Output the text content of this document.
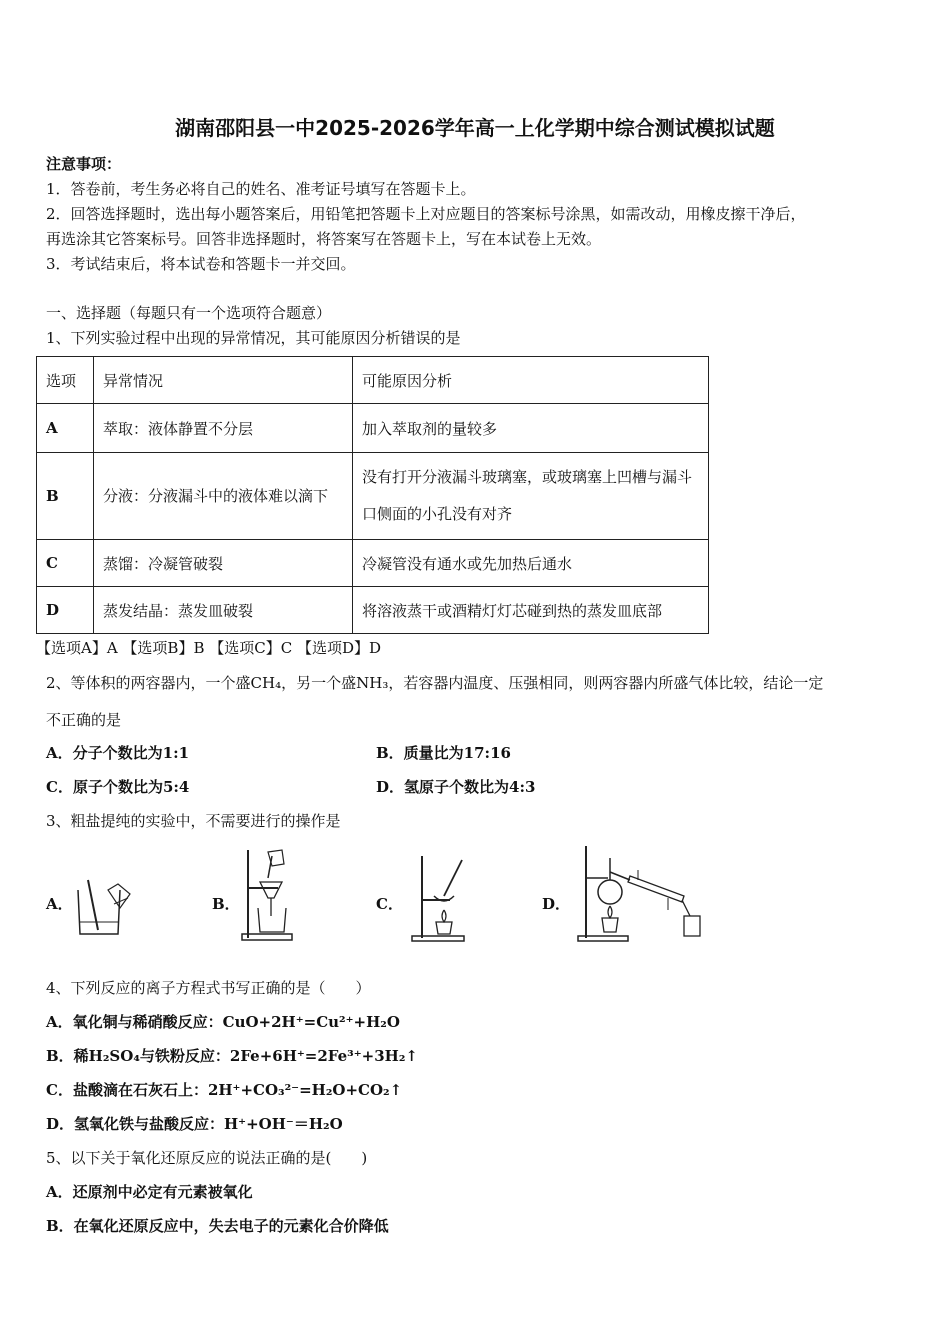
湖南邵阳县一中2025-2026学年高一上化学期中综合测试模拟试题
注意事项：
1．答卷前，考生务必将自己的姓名、准考证号填写在答题卡上。
2．回答选择题时，选出每小题答案后，用铅笔把答题卡上对应题目的答案标号涂黑，如需改动，用橡皮擦干净后，
再选涂其它答案标号。回答非选择题时，将答案写在答题卡上，写在本试卷上无效。
3．考试结束后，将本试卷和答题卡一并交回。
一、选择题（每题只有一个选项符合题意）
1、下列实验过程中出现的异常情况，其可能原因分析错误的是
选项	异常情况	可能原因分析
A	萃取：液体静置不分层	加入萃取剂的量较多
B	分液：分液漏斗中的液体难以滴下	没有打开分液漏斗玻璃塞，或玻璃塞上凹槽与漏斗口侧面的小孔没有对齐
C	蒸馏：冷凝管破裂	冷凝管没有通水或先加热后通水
D	蒸发结晶：蒸发皿破裂	将溶液蒸干或酒精灯灯芯碰到热的蒸发皿底部
【选项A】A 【选项B】B 【选项C】C 【选项D】D
2、等体积的两容器内，一个盛CH₄，另一个盛NH₃，若容器内温度、压强相同，则两容器内所盛气体比较，结论一定
不正确的是
A．分子个数比为1:1	B．质量比为17:16
C．原子个数比为5:4	D．氢原子个数比为4:3
3、粗盐提纯的实验中，不需要进行的操作是
A．	B．	C．	D．
4、下列反应的离子方程式书写正确的是（　　）
A．氧化铜与稀硝酸反应：CuO+2H⁺=Cu²⁺+H₂O
B．稀H₂SO₄与铁粉反应：2Fe+6H⁺=2Fe³⁺+3H₂↑
C．盐酸滴在石灰石上：2H⁺+CO₃²⁻=H₂O+CO₂↑
D．氢氧化铁与盐酸反应：H⁺+OH⁻＝H₂O
5、以下关于氧化还原反应的说法正确的是(　　)
A．还原剂中必定有元素被氧化
B．在氧化还原反应中，失去电子的元素化合价降低
